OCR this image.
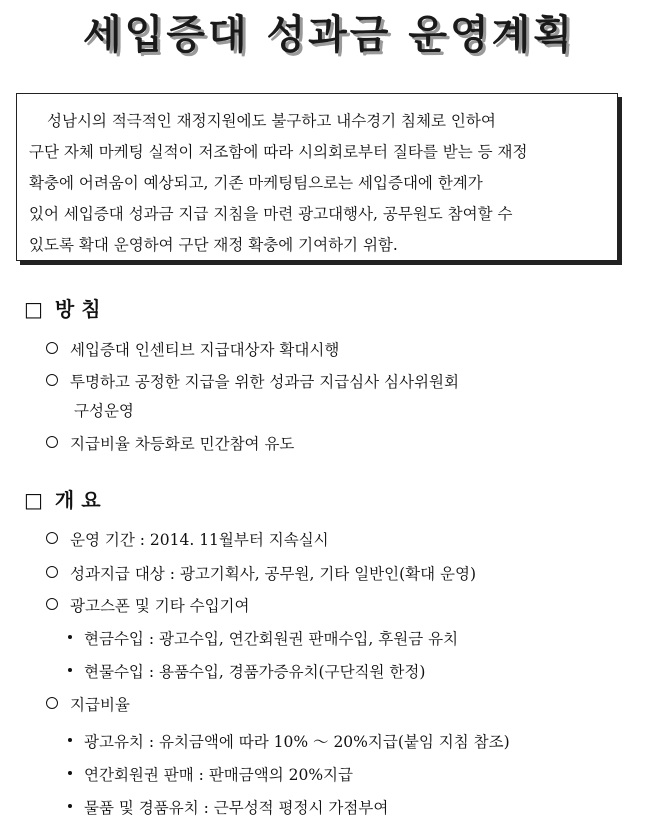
세입증대 성과금 운영계획
성남시의 적극적인 재정지원에도 불구하고 내수경기 침체로 인하여
구단 자체 마케팅 실적이 저조함에 따라 시의회로부터 질타를 받는 등 재정
확충에 어려움이 예상되고, 기존 마케팅팀으로는 세입증대에 한계가
있어 세입증대 성과금 지급 지침을 마련 광고대행사, 공무원도 참여할 수
있도록 확대 운영하여 구단 재정 확충에 기여하기 위함.
□ 방 침
세입증대 인센티브 지급대상자 확대시행
투명하고 공정한 지급을 위한 성과금 지급심사 심사위원회
구성운영
지급비율 차등화로 민간참여 유도
□ 개 요
운영 기간 : 2014. 11월부터 지속실시
성과지급 대상 : 광고기획사, 공무원, 기타 일반인(확대 운영)
광고스폰 및 기타 수입기여
현금수입 : 광고수입, 연간회원권 판매수입, 후원금 유치
현물수입 : 용품수입, 경품가증유치(구단직원 한정)
지급비율
광고유치 : 유치금액에 따라 10% ～ 20%지급(붙임 지침 참조)
연간회원권 판매 : 판매금액의 20%지급
물품 및 경품유치 : 근무성적 평정시 가점부여
